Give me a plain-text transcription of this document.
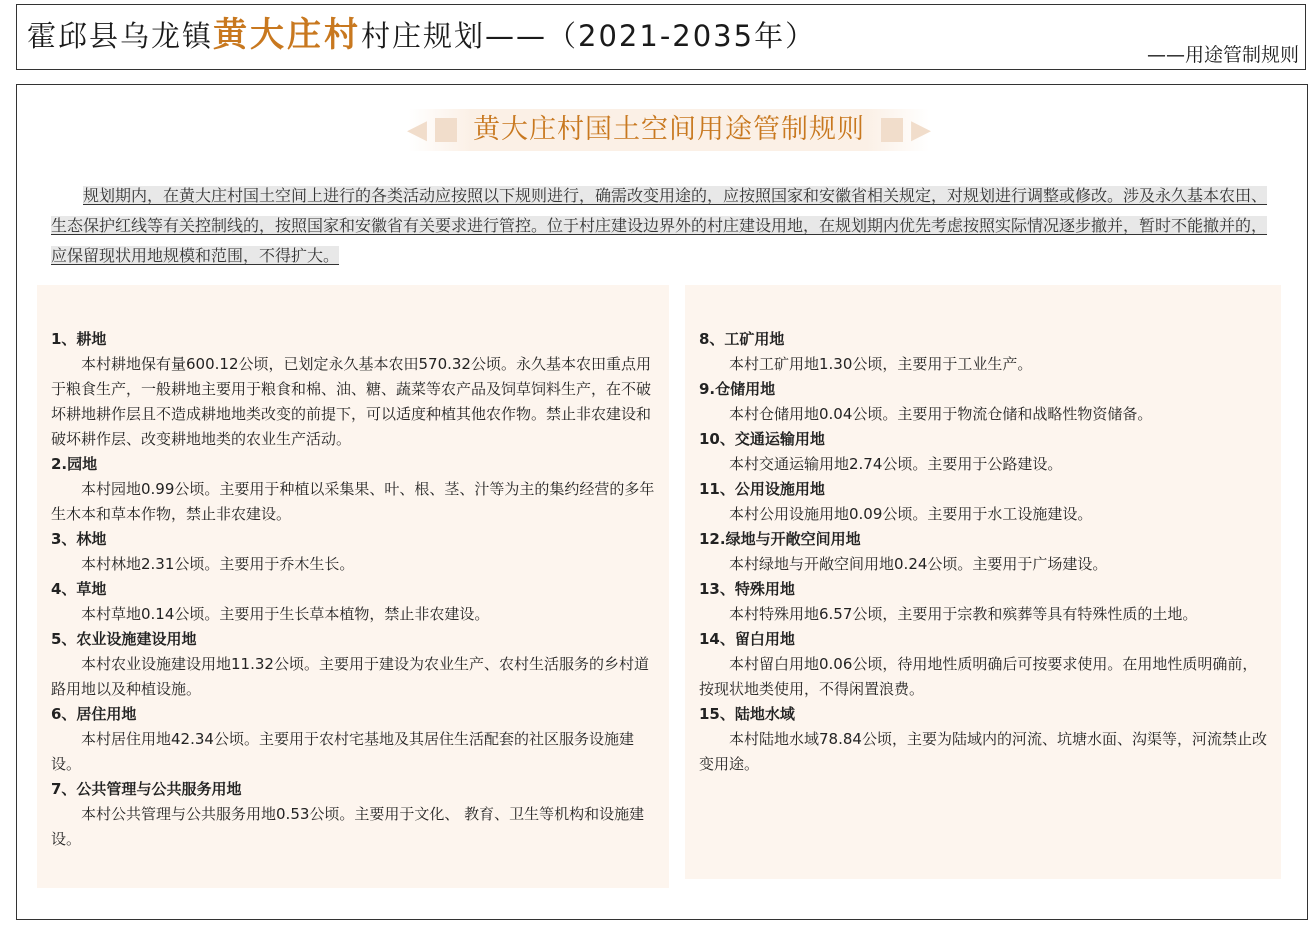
霍邱县乌龙镇黄大庄村村庄规划——（2021-2035年）
——用途管制规则
◀	黄大庄村国土空间用途管制规则	▶

规划期内，在黄大庄村国土空间上进行的各类活动应按照以下规则进行，确需改变用途的，应按照国家和安徽省相关规定，对规划进行调整或修改。涉及永久基本农田、生态保护红线等有关控制线的，按照国家和安徽省有关要求进行管控。位于村庄建设边界外的村庄建设用地，在规划期内优先考虑按照实际情况逐步撤并，暂时不能撤并的，应保留现状用地规模和范围，不得扩大。

1、耕地
本村耕地保有量600.12公顷，已划定永久基本农田570.32公顷。永久基本农田重点用于粮食生产，一般耕地主要用于粮食和棉、油、糖、蔬菜等农产品及饲草饲料生产，在不破坏耕地耕作层且不造成耕地地类改变的前提下，可以适度种植其他农作物。禁止非农建设和破坏耕作层、改变耕地地类的农业生产活动。
2.园地
本村园地0.99公顷。主要用于种植以采集果、叶、根、茎、汁等为主的集约经营的多年生木本和草本作物，禁止非农建设。
3、林地
本村林地2.31公顷。主要用于乔木生长。
4、草地
本村草地0.14公顷。主要用于生长草本植物，禁止非农建设。
5、农业设施建设用地
本村农业设施建设用地11.32公顷。主要用于建设为农业生产、农村生活服务的乡村道路用地以及种植设施。
6、居住用地
本村居住用地42.34公顷。主要用于农村宅基地及其居住生活配套的社区服务设施建设。
7、公共管理与公共服务用地
本村公共管理与公共服务用地0.53公顷。主要用于文化、 教育、卫生等机构和设施建设。
8、工矿用地
本村工矿用地1.30公顷，主要用于工业生产。
9.仓储用地
本村仓储用地0.04公顷。主要用于物流仓储和战略性物资储备。
10、交通运输用地
本村交通运输用地2.74公顷。主要用于公路建设。
11、公用设施用地
本村公用设施用地0.09公顷。主要用于水工设施建设。
12.绿地与开敞空间用地
本村绿地与开敞空间用地0.24公顷。主要用于广场建设。
13、特殊用地
本村特殊用地6.57公顷，主要用于宗教和殡葬等具有特殊性质的土地。
14、留白用地
本村留白用地0.06公顷，待用地性质明确后可按要求使用。在用地性质明确前，按现状地类使用，不得闲置浪费。
15、陆地水域
本村陆地水域78.84公顷，主要为陆域内的河流、坑塘水面、沟渠等，河流禁止改变用途。
